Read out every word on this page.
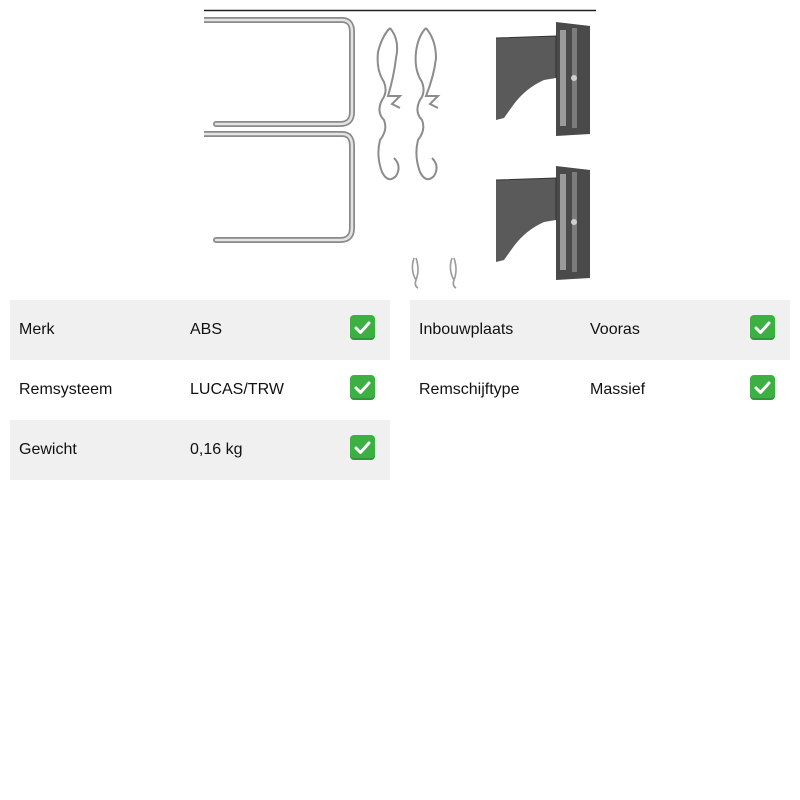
Merk	ABS
Remsysteem	LUCAS/TRW
Gewicht	0,16 kg
Inbouwplaats	Vooras
Remschijftype	Massief
